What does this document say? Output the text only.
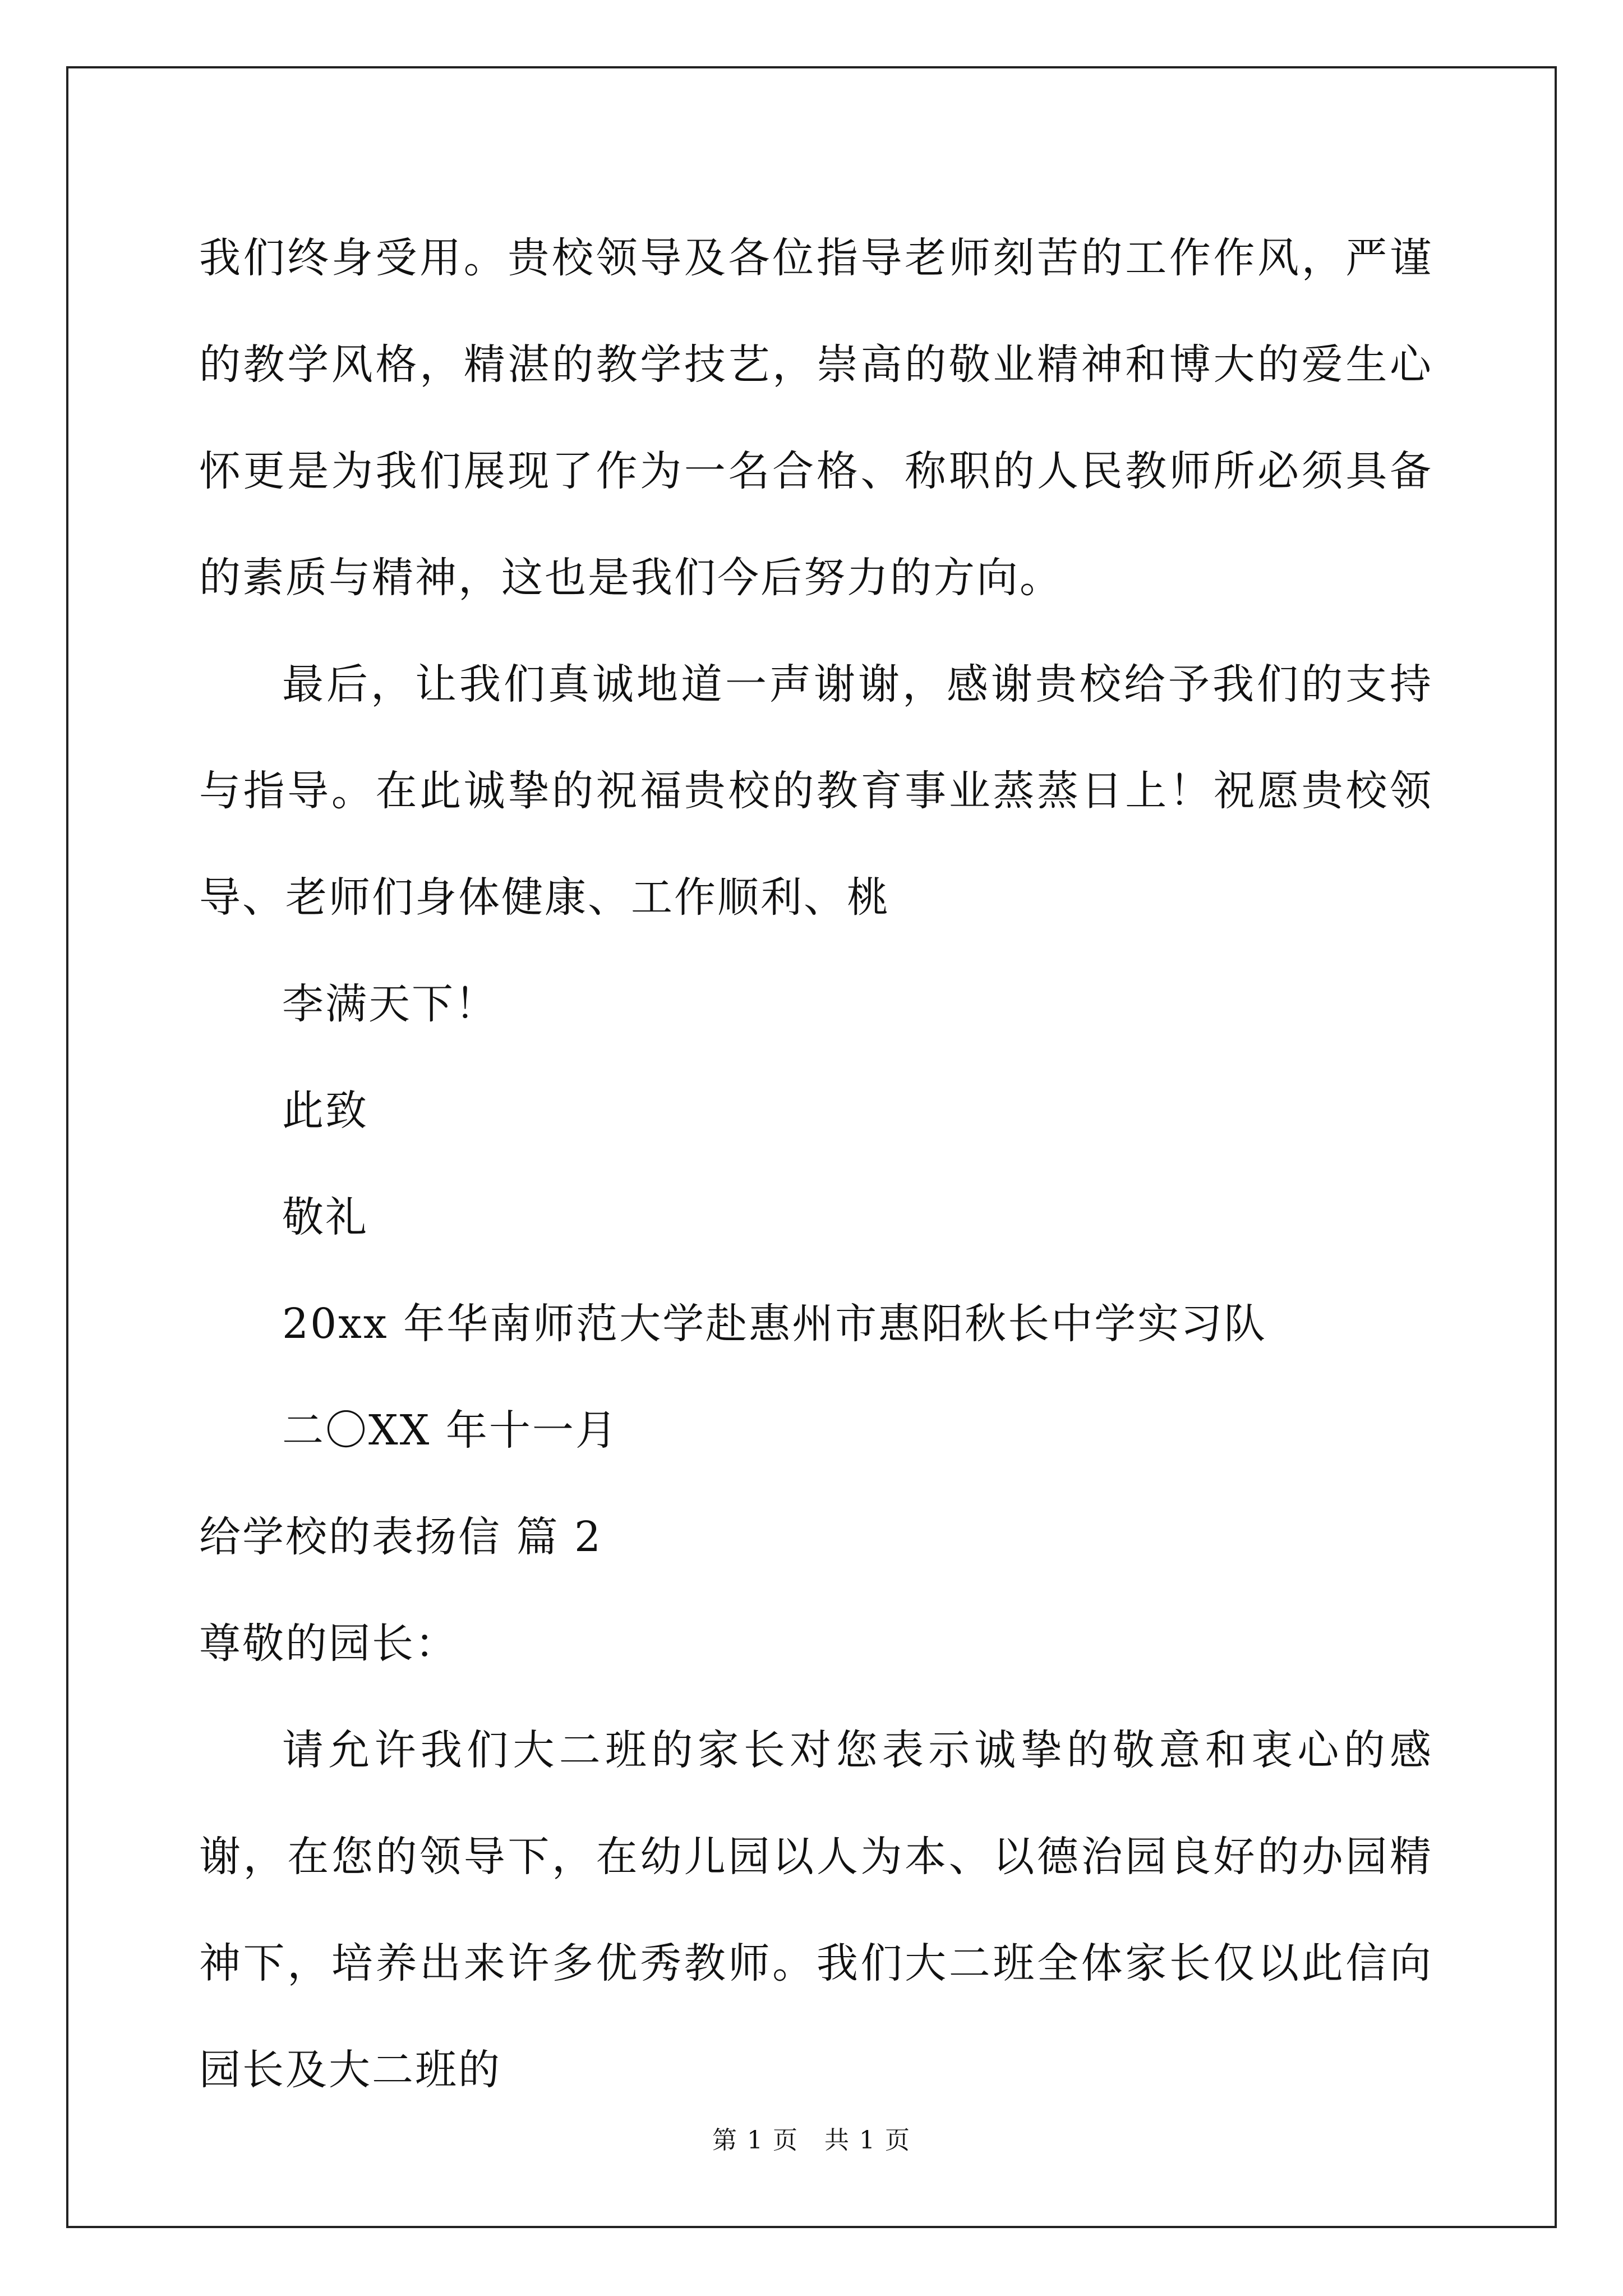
我们终身受用。贵校领导及各位指导老师刻苦的工作作风，严谨的教学风格，精湛的教学技艺，崇高的敬业精神和博大的爱生心怀更是为我们展现了作为一名合格、称职的人民教师所必须具备的素质与精神，这也是我们今后努力的方向。

最后，让我们真诚地道一声谢谢，感谢贵校给予我们的支持与指导。在此诚挚的祝福贵校的教育事业蒸蒸日上！祝愿贵校领导、老师们身体健康、工作顺利、桃

李满天下！

此致

敬礼

20xx 年华南师范大学赴惠州市惠阳秋长中学实习队

二〇XX 年十一月

给学校的表扬信 篇 2

尊敬的园长：

请允许我们大二班的家长对您表示诚挚的敬意和衷心的感谢，在您的领导下，在幼儿园以人为本、以德治园良好的办园精神下，培养出来许多优秀教师。我们大二班全体家长仅以此信向园长及大二班的

第 1 页　共 1 页
